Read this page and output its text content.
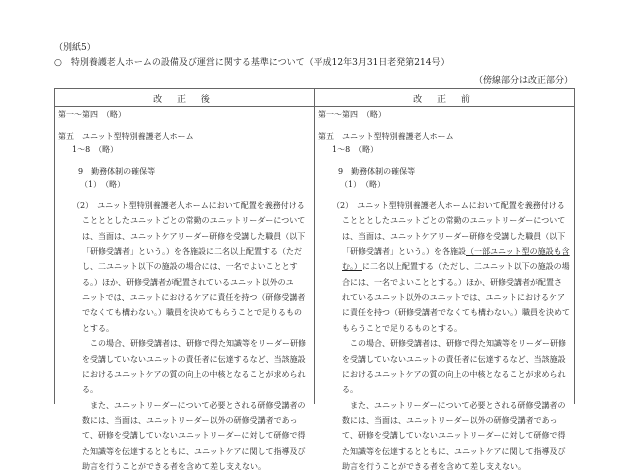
（別紙5）
○　特別養護老人ホームの設備及び運営に関する基準について（平成12年3月31日老発第214号）
（傍線部分は改正部分）
改 正 後	改 正 前
第一～第四　（略）
第五　ユニット型特別養護老人ホーム
1～8　（略）
9　勤務体制の確保等
（1）　（略）
（2）　ユニット型特別養護老人ホームにおいて配置を義務付ける
ことととしたユニットごとの常勤のユニットリーダーについて
は、当面は、ユニットケアリーダー研修を受講した職員（以下
「研修受講者」という。）を各施設に二名以上配置する（ただ
し、二ユニット以下の施設の場合には、一名でよいこととす
る。）ほか、研修受講者が配置されているユニット以外のユ
ニットでは、ユニットにおけるケアに責任を持つ（研修受講者
でなくても構わない。）職員を決めてもらうことで足りるもの
とする。
　この場合、研修受講者は、研修で得た知識等をリーダー研修
を受講していないユニットの責任者に伝達するなど、当該施設
におけるユニットケアの質の向上の中核となることが求められ
る。
　また、ユニットリーダーについて必要とされる研修受講者の
数には、当面は、ユニットリーダー以外の研修受講者であっ
て、研修を受講していないユニットリーダーに対して研修で得
た知識等を伝達するとともに、ユニットケアに関して指導及び
助言を行うことができる者を含めて差し支えない。
第一～第四　（略）
第五　ユニット型特別養護老人ホーム
1～8　（略）
9　勤務体制の確保等
（1）　（略）
（2）　ユニット型特別養護老人ホームにおいて配置を義務付ける
ことととしたユニットごとの常勤のユニットリーダーについて
は、当面は、ユニットケアリーダー研修を受講した職員（以下
「研修受講者」という。）を各施設（一部ユニット型の施設も含
む。）に二名以上配置する（ただし、二ユニット以下の施設の場
合には、一名でよいこととする。）ほか、研修受講者が配置さ
れているユニット以外のユニットでは、ユニットにおけるケア
に責任を持つ（研修受講者でなくても構わない。）職員を決めて
もらうことで足りるものとする。
　この場合、研修受講者は、研修で得た知識等をリーダー研修
を受講していないユニットの責任者に伝達するなど、当該施設
におけるユニットケアの質の向上の中核となることが求められ
る。
　また、ユニットリーダーについて必要とされる研修受講者の
数には、当面は、ユニットリーダー以外の研修受講者であっ
て、研修を受講していないユニットリーダーに対して研修で得
た知識等を伝達するとともに、ユニットケアに関して指導及び
助言を行うことができる者を含めて差し支えない。
